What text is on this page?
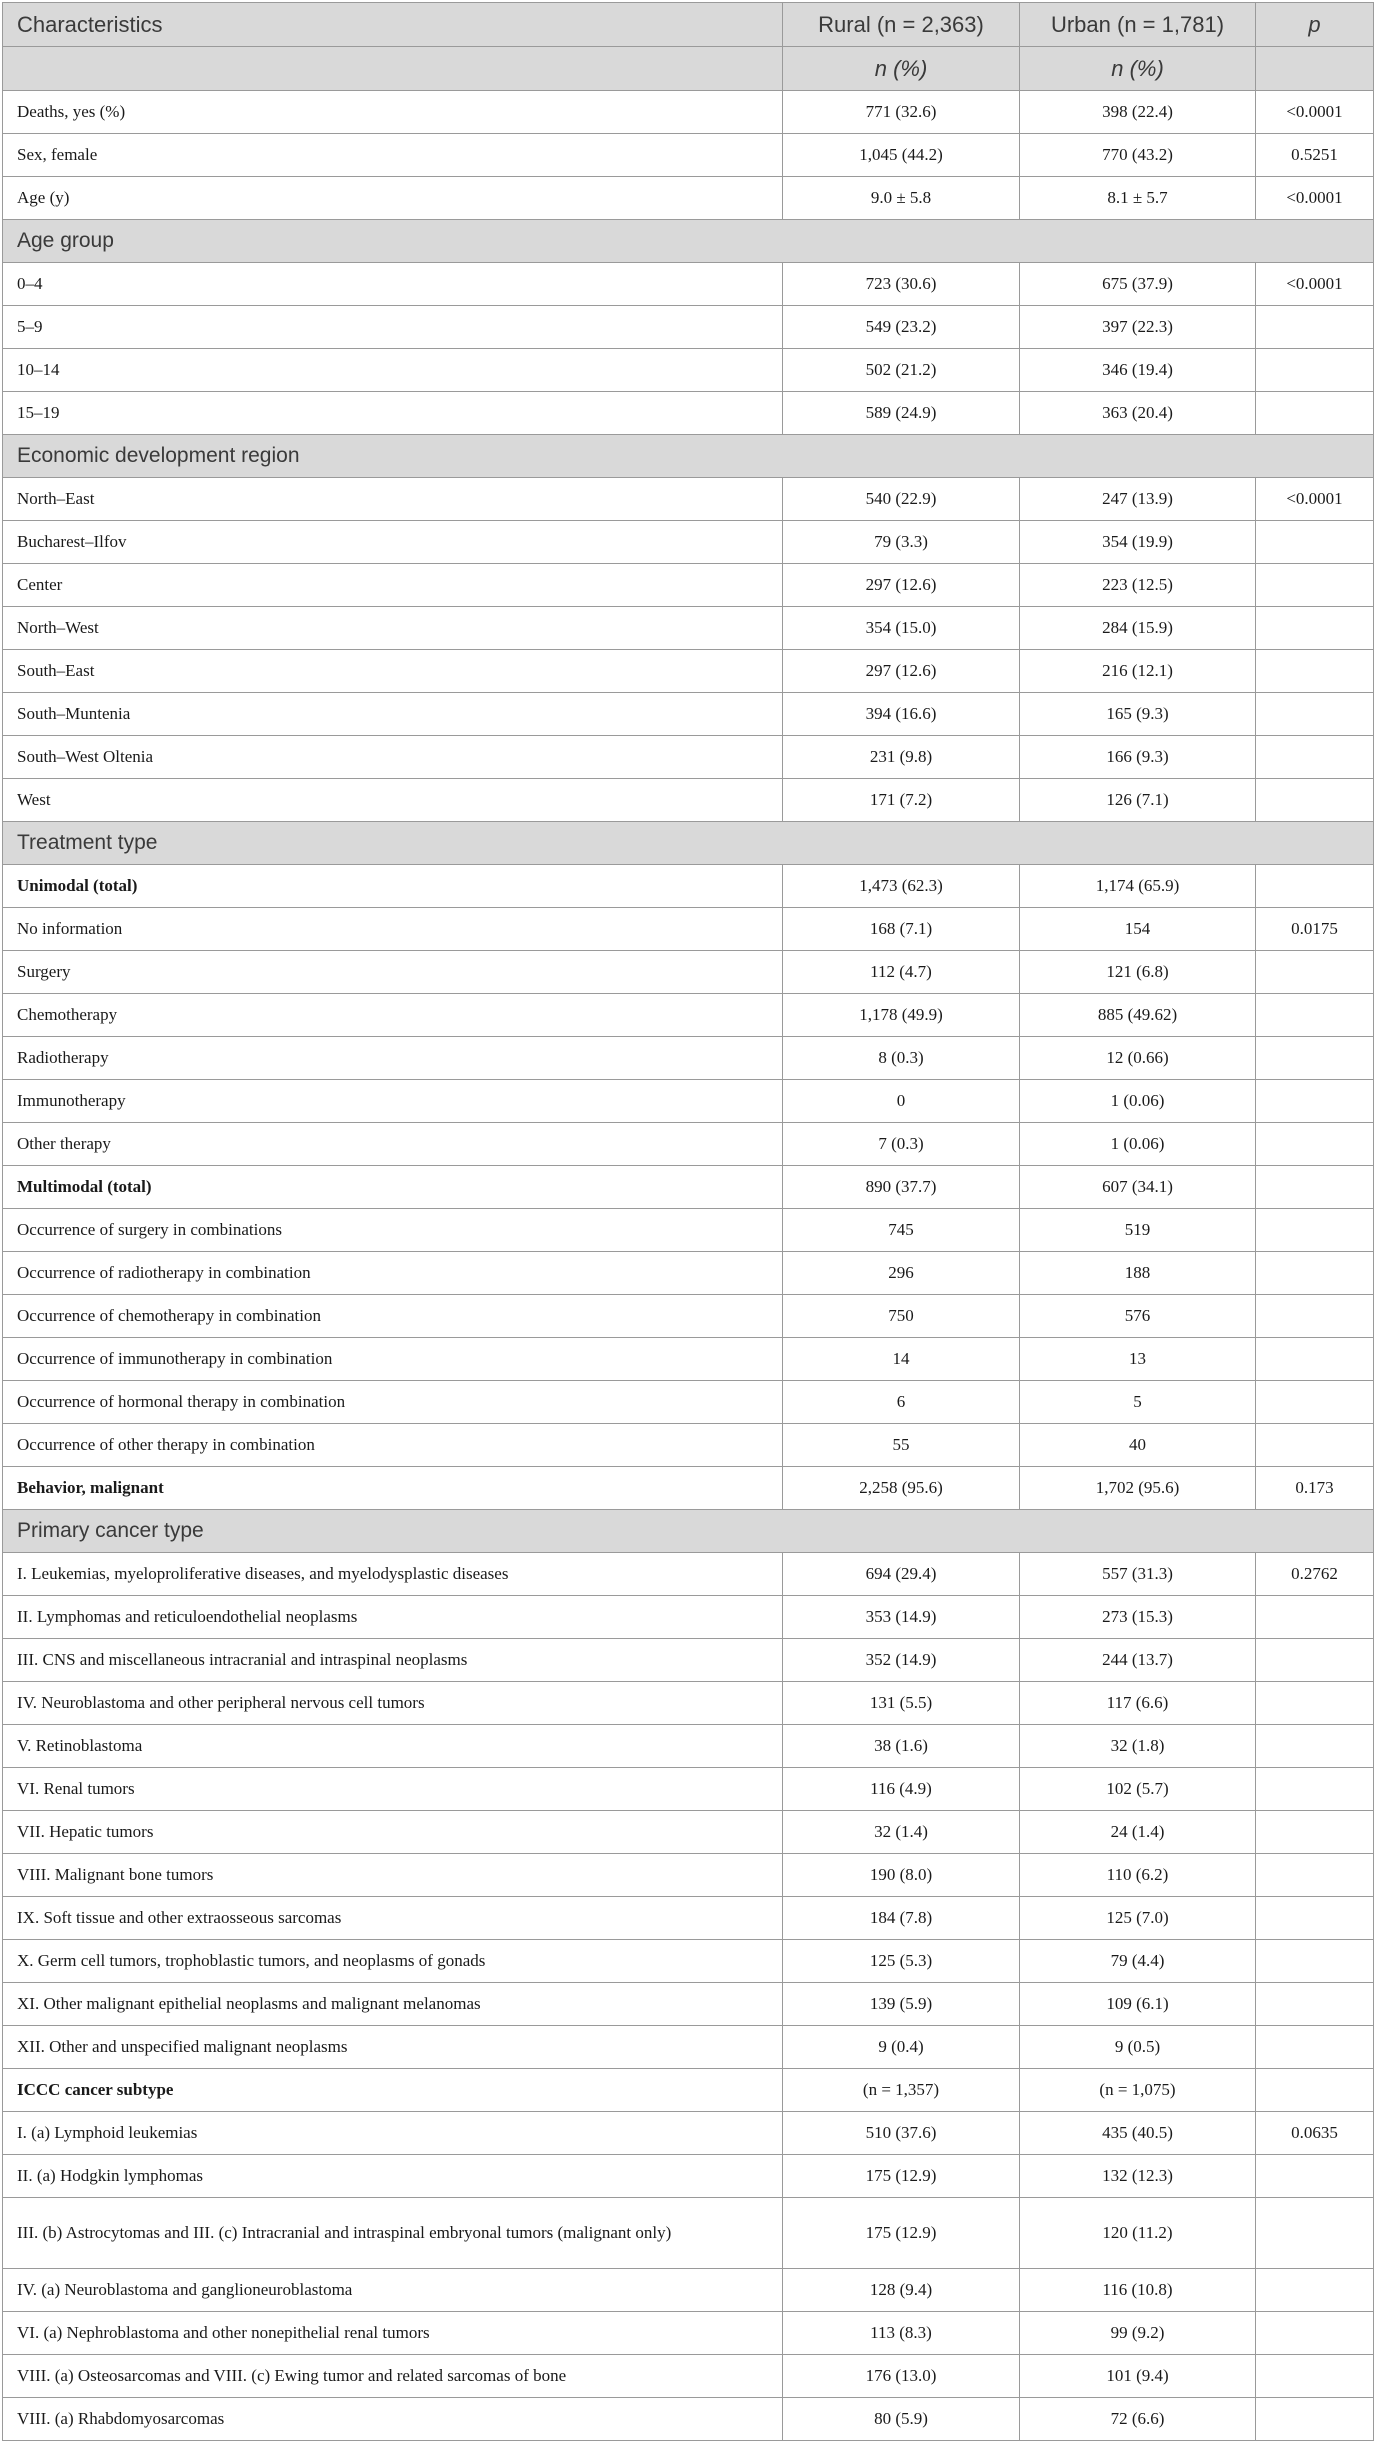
Characteristics	Rural (n = 2,363)	Urban (n = 1,781)	p
	n (%)	n (%)	
Deaths, yes (%)	771 (32.6)	398 (22.4)	<0.0001
Sex, female	1,045 (44.2)	770 (43.2)	0.5251
Age (y)	9.0 ± 5.8	8.1 ± 5.7	<0.0001
Age group			
0–4	723 (30.6)	675 (37.9)	<0.0001
5–9	549 (23.2)	397 (22.3)	
10–14	502 (21.2)	346 (19.4)	
15–19	589 (24.9)	363 (20.4)	
Economic development region			
North–East	540 (22.9)	247 (13.9)	<0.0001
Bucharest–Ilfov	79 (3.3)	354 (19.9)	
Center	297 (12.6)	223 (12.5)	
North–West	354 (15.0)	284 (15.9)	
South–East	297 (12.6)	216 (12.1)	
South–Muntenia	394 (16.6)	165 (9.3)	
South–West Oltenia	231 (9.8)	166 (9.3)	
West	171 (7.2)	126 (7.1)	
Treatment type			
Unimodal (total)	1,473 (62.3)	1,174 (65.9)	
No information	168 (7.1)	154	0.0175
Surgery	112 (4.7)	121 (6.8)	
Chemotherapy	1,178 (49.9)	885 (49.62)	
Radiotherapy	8 (0.3)	12 (0.66)	
Immunotherapy	0	1 (0.06)	
Other therapy	7 (0.3)	1 (0.06)	
Multimodal (total)	890 (37.7)	607 (34.1)	
Occurrence of surgery in combinations	745	519	
Occurrence of radiotherapy in combination	296	188	
Occurrence of chemotherapy in combination	750	576	
Occurrence of immunotherapy in combination	14	13	
Occurrence of hormonal therapy in combination	6	5	
Occurrence of other therapy in combination	55	40	
Behavior, malignant	2,258 (95.6)	1,702 (95.6)	0.173
Primary cancer type			
I. Leukemias, myeloproliferative diseases, and myelodysplastic diseases	694 (29.4)	557 (31.3)	0.2762
II. Lymphomas and reticuloendothelial neoplasms	353 (14.9)	273 (15.3)	
III. CNS and miscellaneous intracranial and intraspinal neoplasms	352 (14.9)	244 (13.7)	
IV. Neuroblastoma and other peripheral nervous cell tumors	131 (5.5)	117 (6.6)	
V. Retinoblastoma	38 (1.6)	32 (1.8)	
VI. Renal tumors	116 (4.9)	102 (5.7)	
VII. Hepatic tumors	32 (1.4)	24 (1.4)	
VIII. Malignant bone tumors	190 (8.0)	110 (6.2)	
IX. Soft tissue and other extraosseous sarcomas	184 (7.8)	125 (7.0)	
X. Germ cell tumors, trophoblastic tumors, and neoplasms of gonads	125 (5.3)	79 (4.4)	
XI. Other malignant epithelial neoplasms and malignant melanomas	139 (5.9)	109 (6.1)	
XII. Other and unspecified malignant neoplasms	9 (0.4)	9 (0.5)	
ICCC cancer subtype	(n = 1,357)	(n = 1,075)	
I. (a) Lymphoid leukemias	510 (37.6)	435 (40.5)	0.0635
II. (a) Hodgkin lymphomas	175 (12.9)	132 (12.3)	
III. (b) Astrocytomas and III. (c) Intracranial and intraspinal embryonal tumors (malignant only)	175 (12.9)	120 (11.2)	
IV. (a) Neuroblastoma and ganglioneuroblastoma	128 (9.4)	116 (10.8)	
VI. (a) Nephroblastoma and other nonepithelial renal tumors	113 (8.3)	99 (9.2)	
VIII. (a) Osteosarcomas and VIII. (c) Ewing tumor and related sarcomas of bone	176 (13.0)	101 (9.4)	
VIII. (a) Rhabdomyosarcomas	80 (5.9)	72 (6.6)	
